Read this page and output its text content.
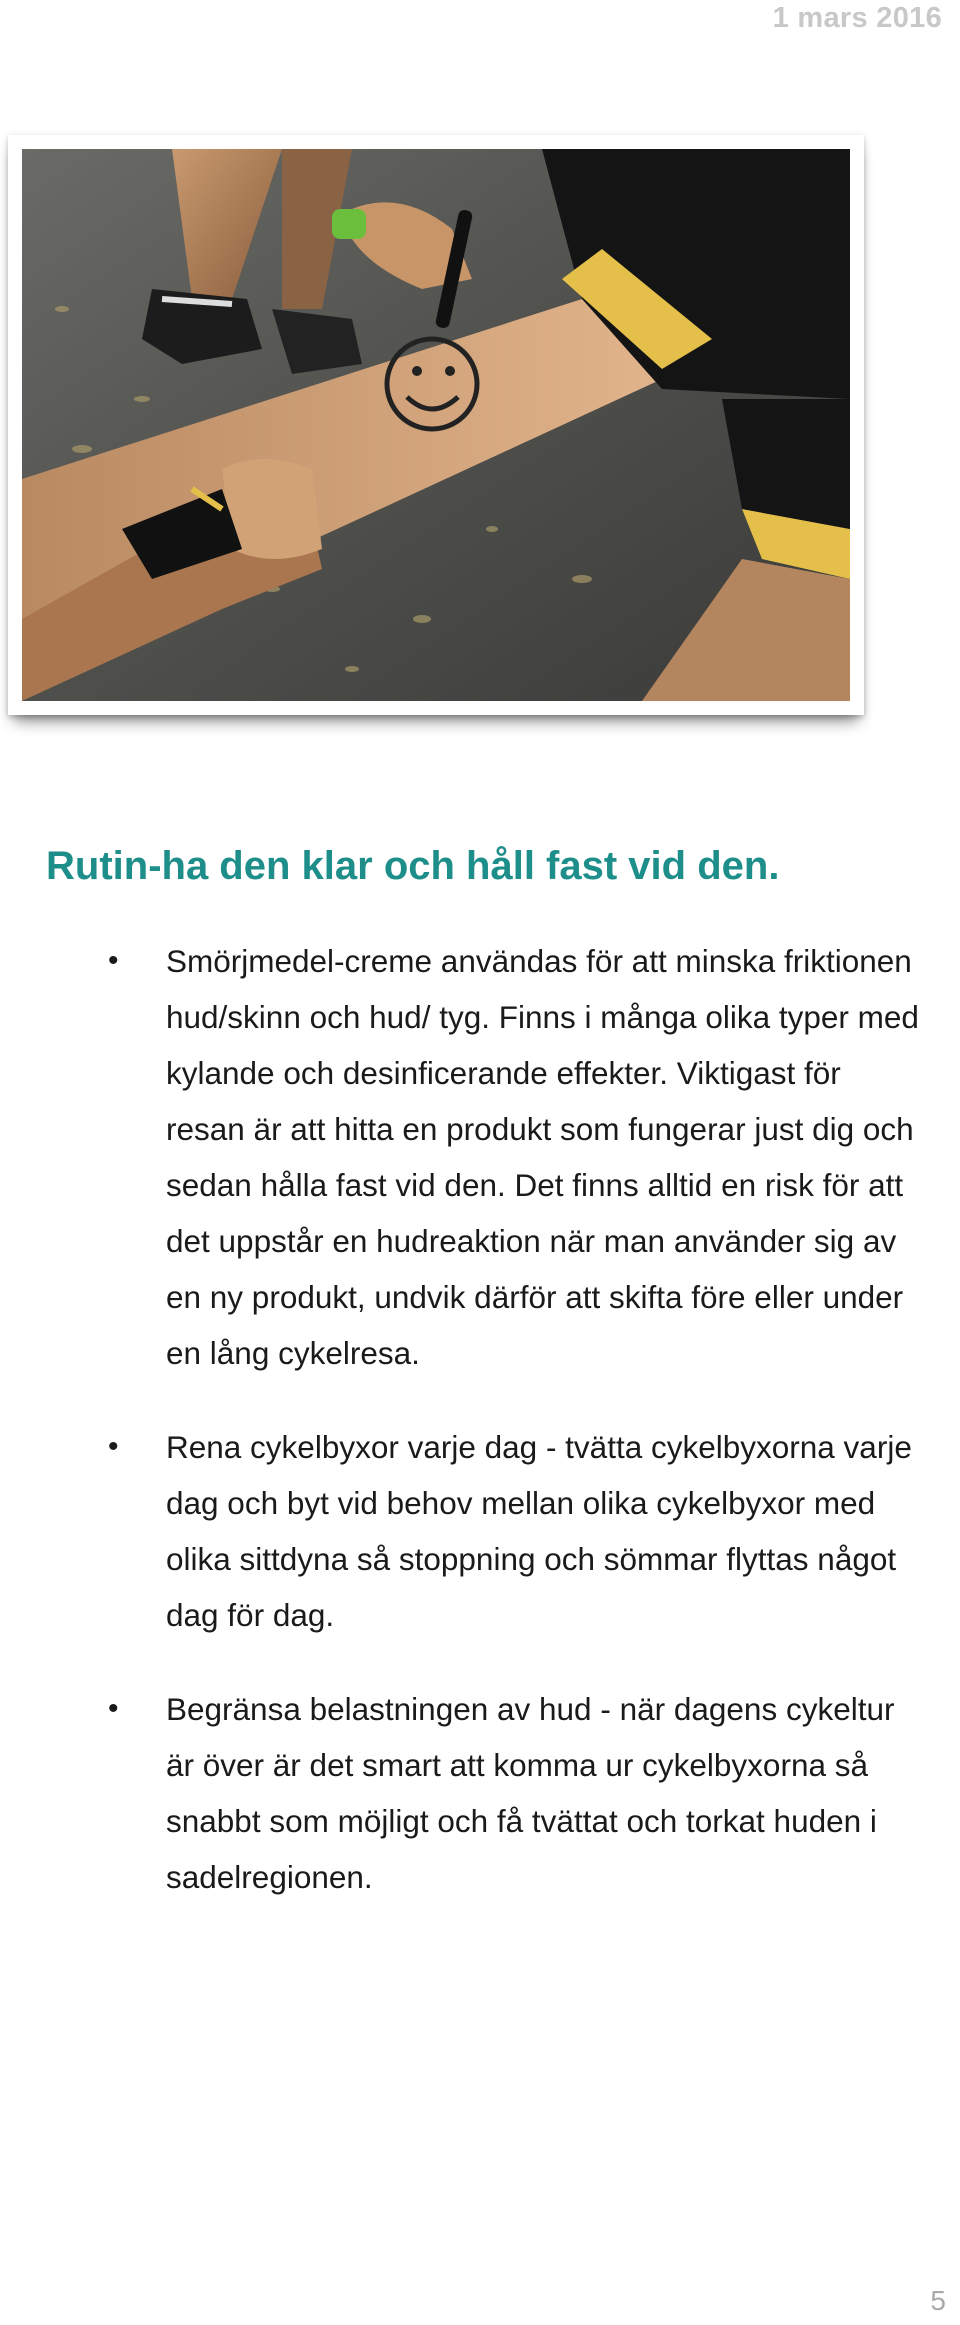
1 mars 2016
Rutin-ha den klar och håll fast vid den.
• Smörjmedel-creme användas för att minska friktionen hud/skinn och hud/ tyg. Finns i många olika typer med kylande och desinficerande effekter. Viktigast för resan är att hitta en produkt som fungerar just dig och sedan hålla fast vid den. Det finns alltid en risk för att det uppstår en hudreaktion när man använder sig av en ny produkt, undvik därför att skifta före eller under en lång cykelresa.
• Rena cykelbyxor varje dag - tvätta cykelbyxorna varje dag och byt vid behov mellan olika cykelbyxor med olika sittdyna så stoppning och sömmar flyttas något dag för dag.
• Begränsa belastningen av hud - när dagens cykeltur är över är det smart att komma ur cykelbyxorna så snabbt som möjligt och få tvättat och torkat huden i sadelregionen.
5
